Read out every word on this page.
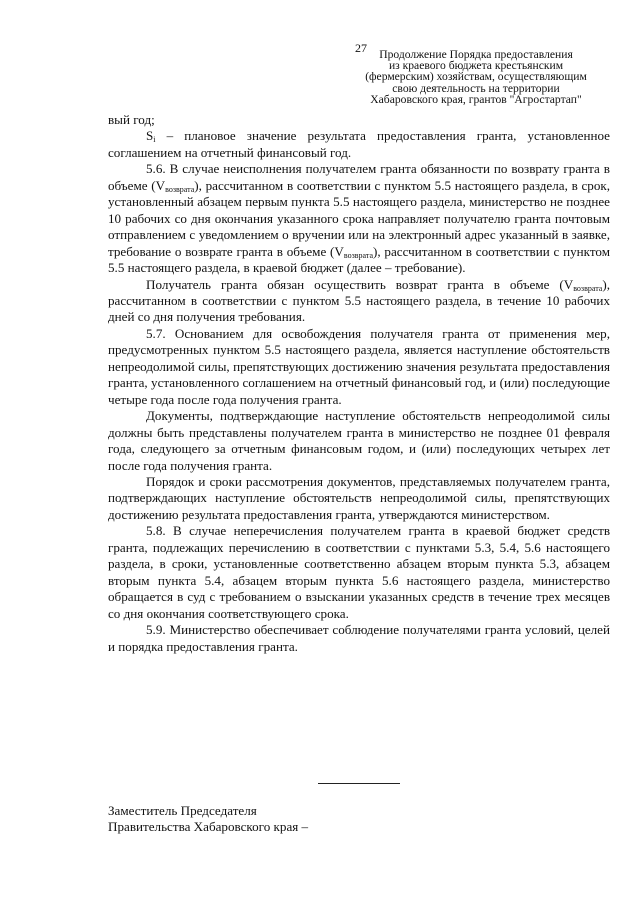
27	Продолжение Порядка предоставления
из краевого бюджета крестьянским
(фермерским) хозяйствам, осуществляющим
свою деятельность на территории
Хабаровского края, грантов "Агростартап"

вый год;

$S_i$ – плановое значение результата предоставления гранта, установленное соглашением на отчетный финансовый год.

5.6. В случае неисполнения получателем гранта обязанности по возврату гранта в объеме $(V_{возврата})$, рассчитанном в соответствии с пунктом 5.5 настоящего раздела, в срок, установленный абзацем первым пункта 5.5 настоящего раздела, министерство не позднее 10 рабочих со дня окончания указанного срока направляет получателю гранта почтовым отправлением с уведомлением о вручении или на электронный адрес указанный в заявке, требование о возврате гранта в объеме $(V_{возврата})$, рассчитанном в соответствии с пунктом 5.5 настоящего раздела, в краевой бюджет (далее – требование).

Получатель гранта обязан осуществить возврат гранта в объеме $(V_{возврата})$, рассчитанном в соответствии с пунктом 5.5 настоящего раздела, в течение 10 рабочих дней со дня получения требования.

5.7. Основанием для освобождения получателя гранта от применения мер, предусмотренных пунктом 5.5 настоящего раздела, является наступление обстоятельств непреодолимой силы, препятствующих достижению значения результата предоставления гранта, установленного соглашением на отчетный финансовый год, и (или) последующие четыре года после года получения гранта.

Документы, подтверждающие наступление обстоятельств непреодолимой силы должны быть представлены получателем гранта в министерство не позднее 01 февраля года, следующего за отчетным финансовым годом, и (или) последующих четырех лет после года получения гранта.

Порядок и сроки рассмотрения документов, представляемых получателем гранта, подтверждающих наступление обстоятельств непреодолимой силы, препятствующих достижению результата предоставления гранта, утверждаются министерством.

5.8. В случае неперечисления получателем гранта в краевой бюджет средств гранта, подлежащих перечислению в соответствии с пунктами 5.3, 5.4, 5.6 настоящего раздела, в сроки, установленные соответственно абзацем вторым пункта 5.3, абзацем вторым пункта 5.4, абзацем вторым пункта 5.6 настоящего раздела, министерство обращается в суд с требованием о взыскании указанных средств в течение трех месяцев со дня окончания соответствующего срока.

5.9. Министерство обеспечивает соблюдение получателями гранта условий, целей и порядка предоставления гранта.

Заместитель Председателя
Правительства Хабаровского края –
